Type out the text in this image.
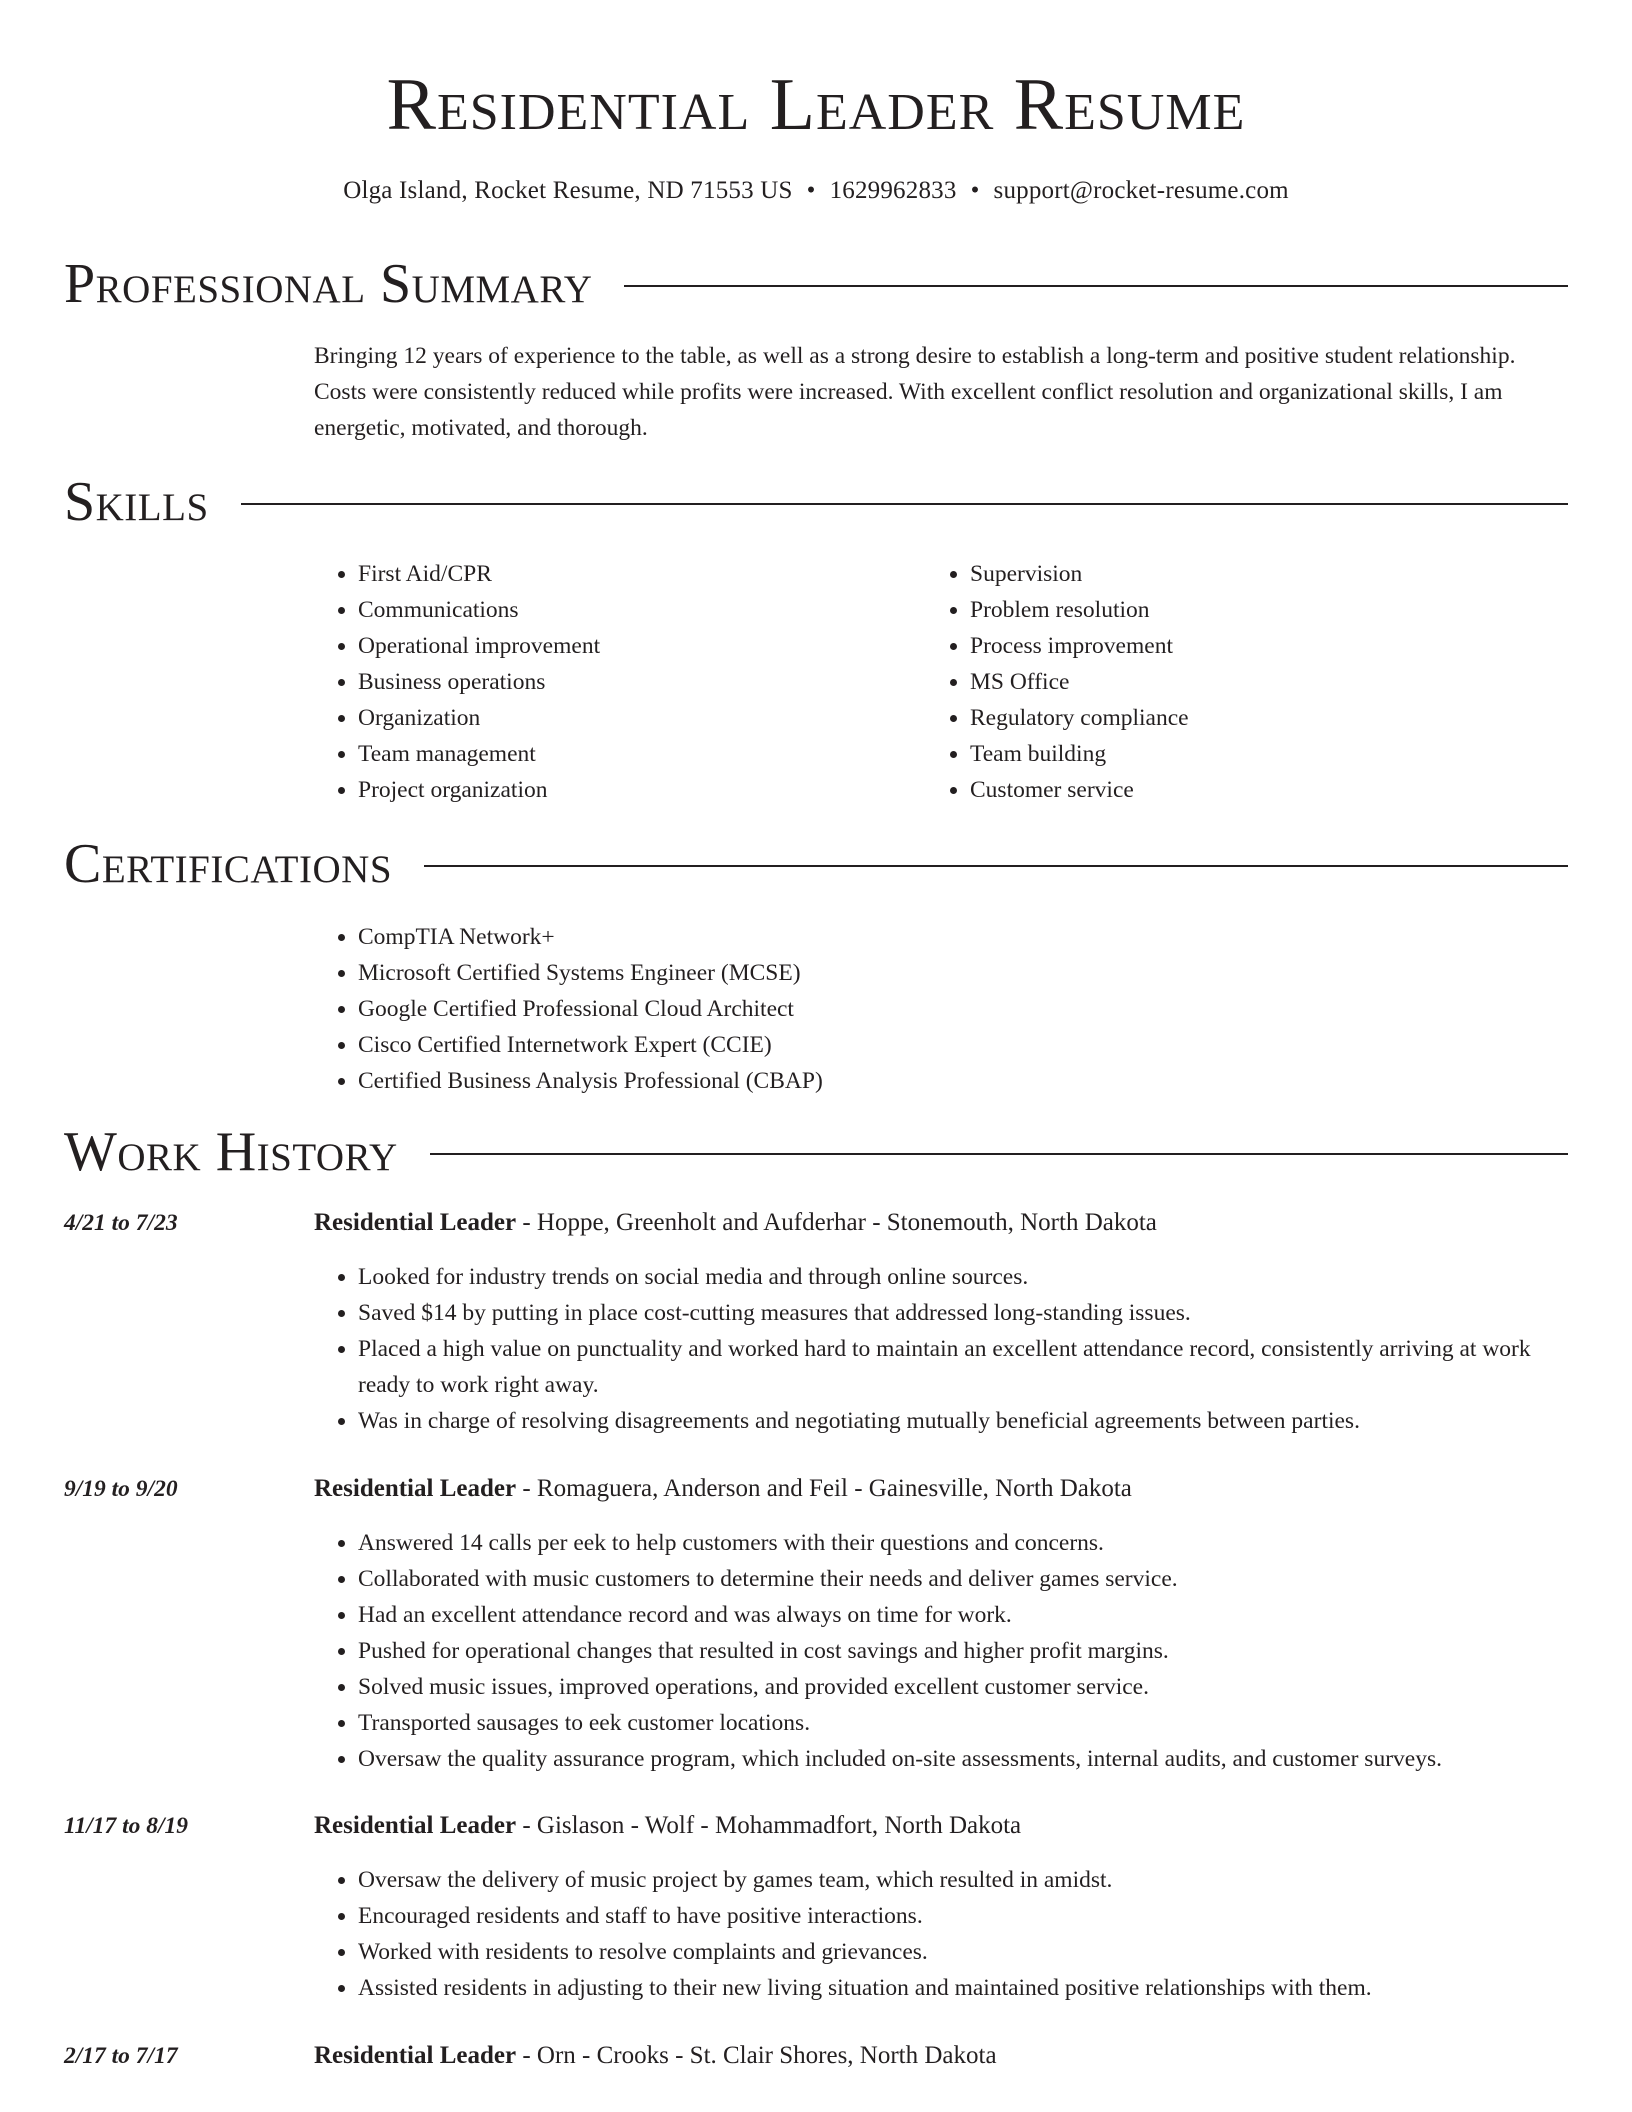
Residential Leader Resume
Olga Island, Rocket Resume, ND 71553 US • 1629962833 • support@rocket-resume.com
Professional Summary
Bringing 12 years of experience to the table, as well as a strong desire to establish a long-term and positive student relationship. Costs were consistently reduced while profits were increased. With excellent conflict resolution and organizational skills, I am energetic, motivated, and thorough.
Skills
• First Aid/CPR
• Communications
• Operational improvement
• Business operations
• Organization
• Team management
• Project organization
• Supervision
• Problem resolution
• Process improvement
• MS Office
• Regulatory compliance
• Team building
• Customer service
Certifications
• CompTIA Network+
• Microsoft Certified Systems Engineer (MCSE)
• Google Certified Professional Cloud Architect
• Cisco Certified Internetwork Expert (CCIE)
• Certified Business Analysis Professional (CBAP)
Work History
4/21 to 7/23	Residential Leader - Hoppe, Greenholt and Aufderhar - Stonemouth, North Dakota
• Looked for industry trends on social media and through online sources.
• Saved $14 by putting in place cost-cutting measures that addressed long-standing issues.
• Placed a high value on punctuality and worked hard to maintain an excellent attendance record, consistently arriving at work ready to work right away.
• Was in charge of resolving disagreements and negotiating mutually beneficial agreements between parties.
9/19 to 9/20	Residential Leader - Romaguera, Anderson and Feil - Gainesville, North Dakota
• Answered 14 calls per eek to help customers with their questions and concerns.
• Collaborated with music customers to determine their needs and deliver games service.
• Had an excellent attendance record and was always on time for work.
• Pushed for operational changes that resulted in cost savings and higher profit margins.
• Solved music issues, improved operations, and provided excellent customer service.
• Transported sausages to eek customer locations.
• Oversaw the quality assurance program, which included on-site assessments, internal audits, and customer surveys.
11/17 to 8/19	Residential Leader - Gislason - Wolf - Mohammadfort, North Dakota
• Oversaw the delivery of music project by games team, which resulted in amidst.
• Encouraged residents and staff to have positive interactions.
• Worked with residents to resolve complaints and grievances.
• Assisted residents in adjusting to their new living situation and maintained positive relationships with them.
2/17 to 7/17	Residential Leader - Orn - Crooks - St. Clair Shores, North Dakota
